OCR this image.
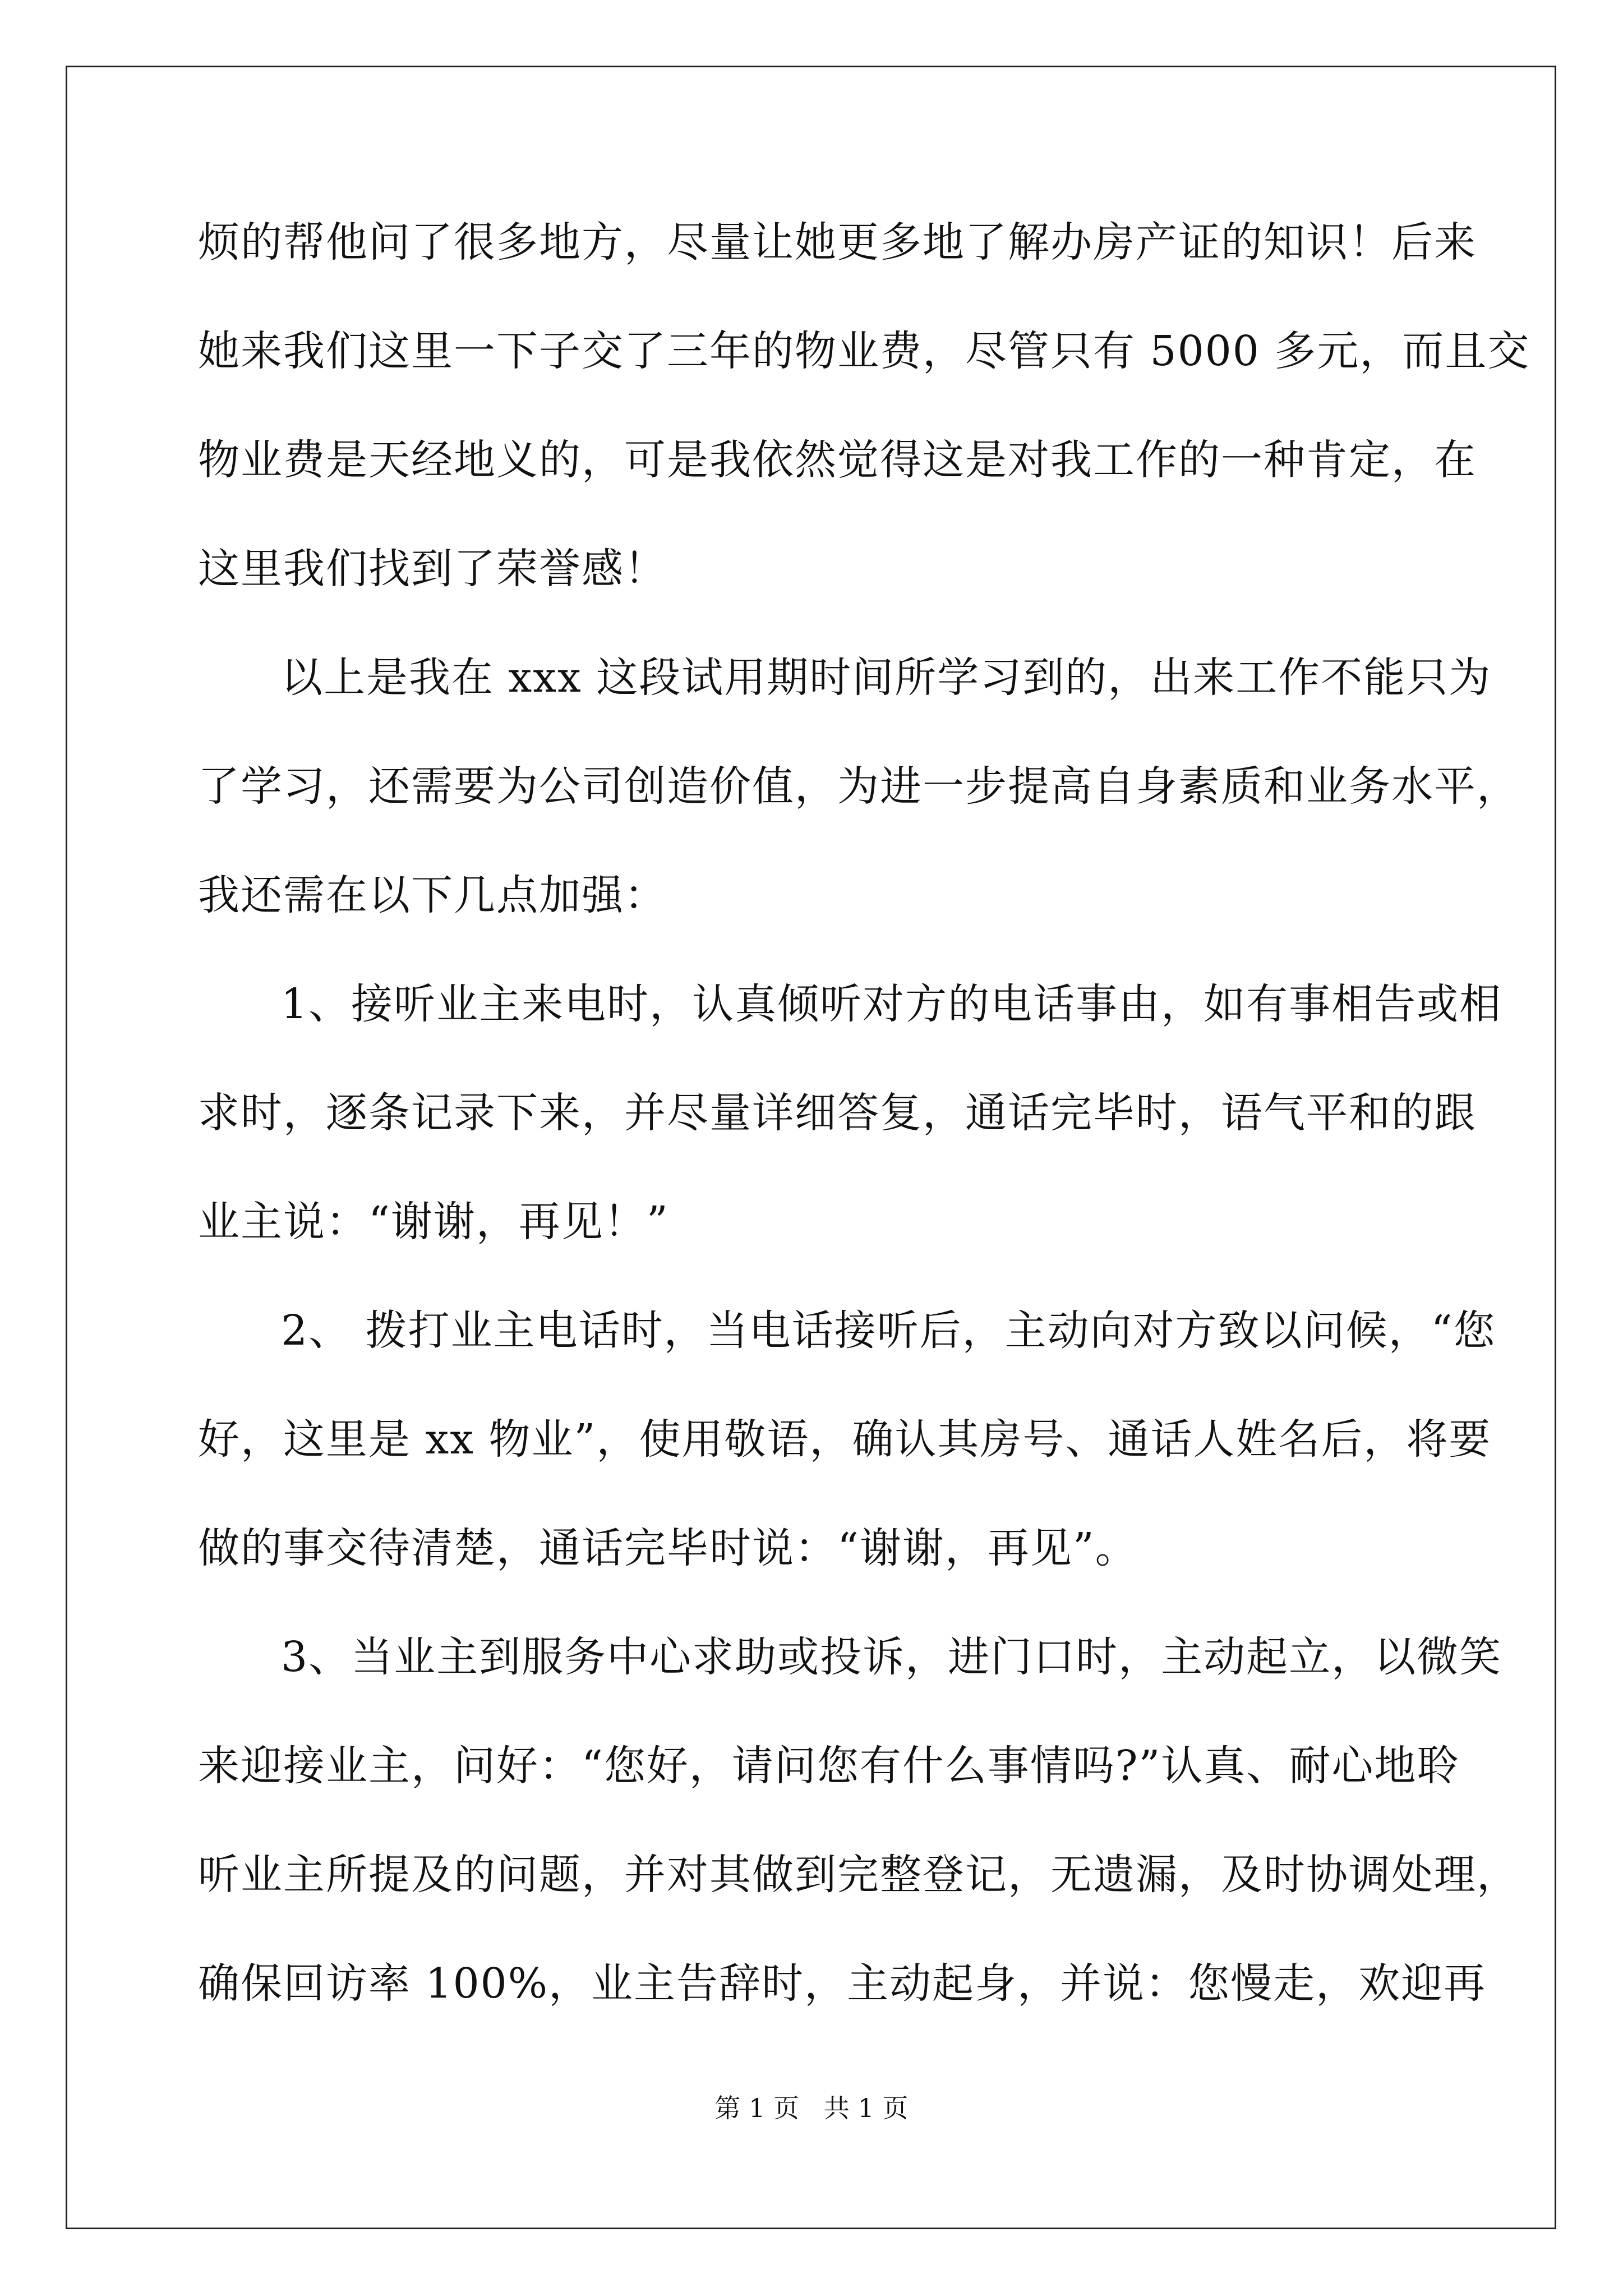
烦的帮他问了很多地方，尽量让她更多地了解办房产证的知识！后来
她来我们这里一下子交了三年的物业费，尽管只有 5000 多元，而且交
物业费是天经地义的，可是我依然觉得这是对我工作的一种肯定，在
这里我们找到了荣誉感！
以上是我在 xxx 这段试用期时间所学习到的，出来工作不能只为
了学习，还需要为公司创造价值，为进一步提高自身素质和业务水平，
我还需在以下几点加强：
1、接听业主来电时，认真倾听对方的电话事由，如有事相告或相
求时，逐条记录下来，并尽量详细答复，通话完毕时，语气平和的跟
业主说：“谢谢，再见！”
2、 拨打业主电话时，当电话接听后，主动向对方致以问候，“您
好，这里是 xx 物业”，使用敬语，确认其房号、通话人姓名后，将要
做的事交待清楚，通话完毕时说：“谢谢，再见”。
3、当业主到服务中心求助或投诉，进门口时，主动起立，以微笑
来迎接业主，问好：“您好，请问您有什么事情吗?”认真、耐心地聆
听业主所提及的问题，并对其做到完整登记，无遗漏，及时协调处理，
确保回访率 100%，业主告辞时，主动起身，并说：您慢走，欢迎再
第 1 页   共 1 页
